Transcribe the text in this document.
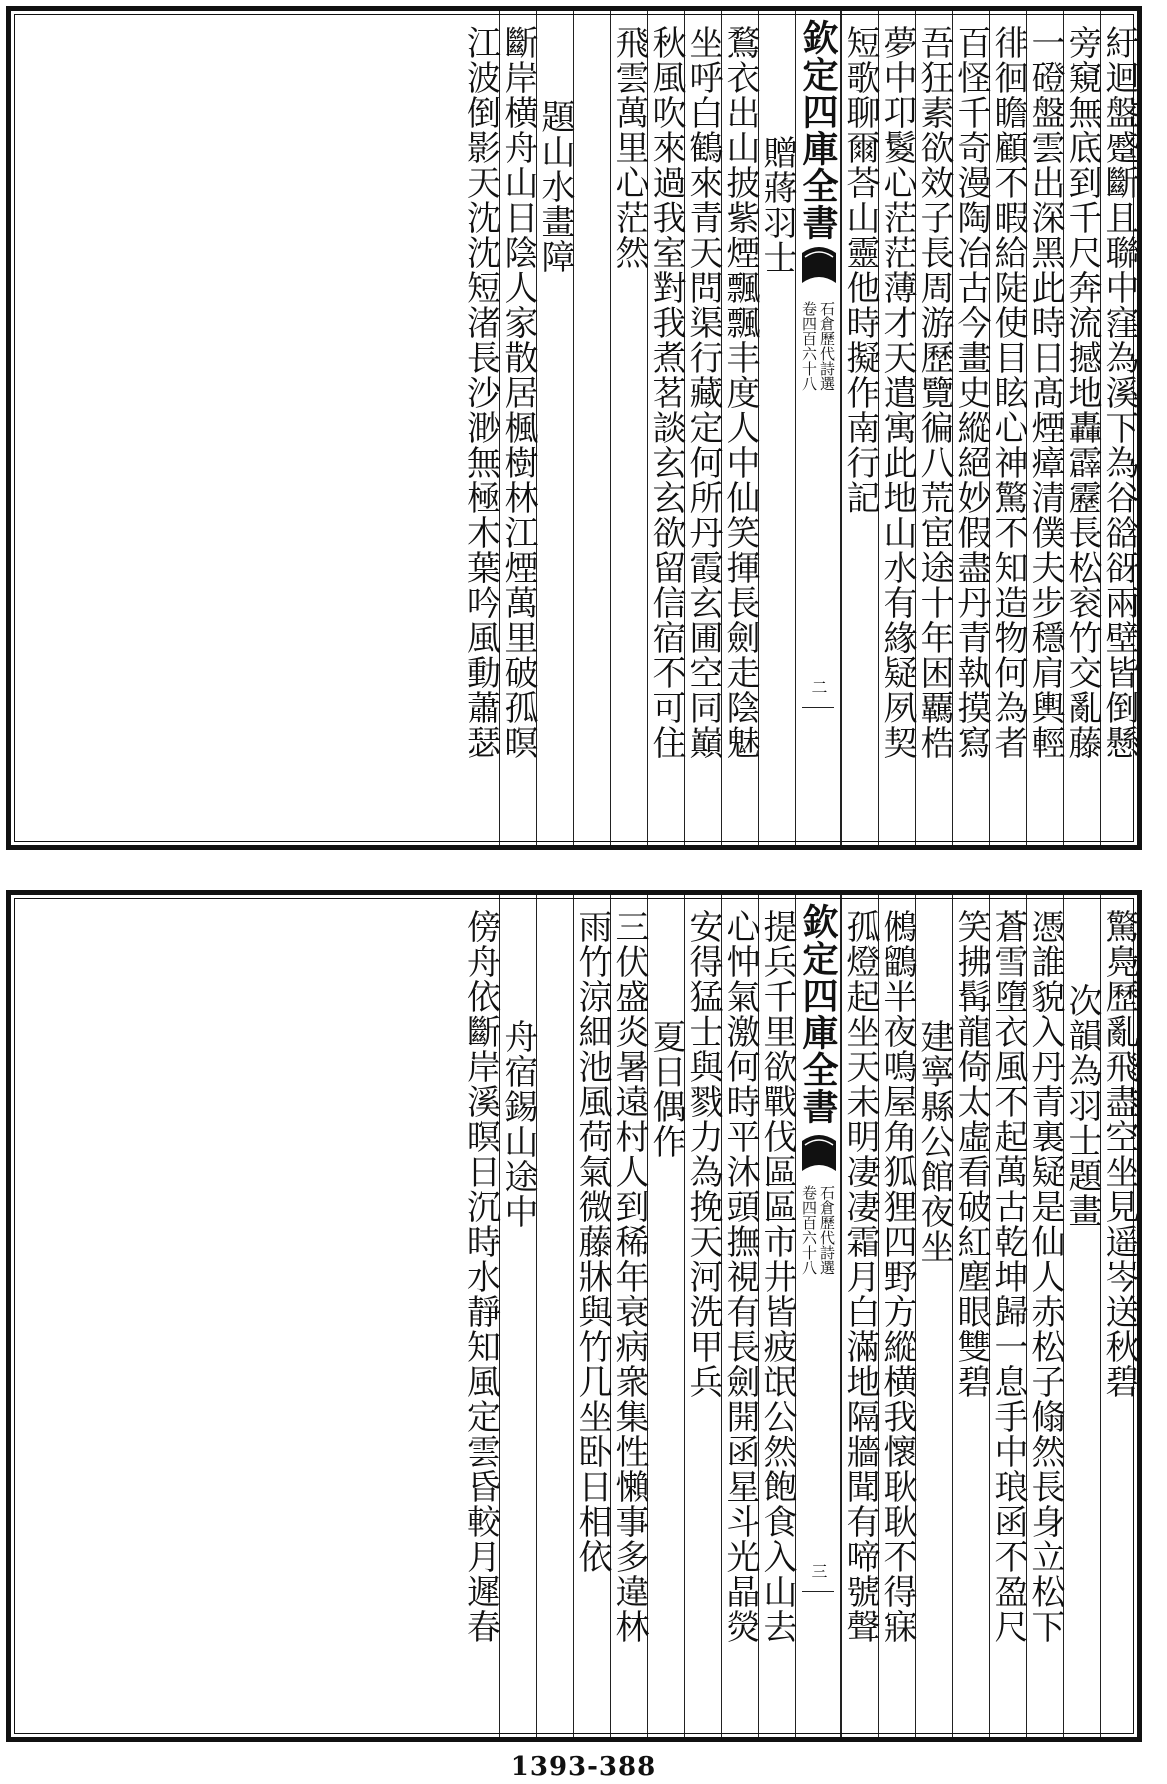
紆迴盤蹙斷且聯中窪為溪下為谷谽谺兩壁皆倒懸
旁窺無底到千尺奔流撼地轟霹靂長松衮竹交亂藤
一磴盤雲出深黑此時日髙煙瘴清僕夫步穩肩輿輕
徘徊瞻顧不暇給陡使目眩心神驚不知造物何為者
百怪千奇漫陶冶古今畫史縱絕妙假盡丹青執摸寫
吾狂素欲效子長周游歷覽徧八荒宦途十年困覊梏
夢中卭鬉心茫茫薄才天遣寓此地山水有緣疑夙契
短歌聊爾荅山靈他時擬作南行記
欽定四庫全書
石倉歷代詩選
卷四百六十八
二
贈蔣羽士
鶩衣出山披紫煙飄飄丰度人中仙笑揮長劍走陰魅
坐呼白鶴來青天問渠行藏定何所丹霞玄圃空同巔
秋風吹來過我室對我煮茗談玄玄欲留信宿不可住
飛雲萬里心茫然
題山水畫障
斷岸横舟山日陰人家散居楓樹林江煙萬里破孤暝
江波倒影天沈沈短渚長沙渺無極木葉吟風動蕭瑟
驚鳧歷亂飛盡空坐見遥岑送秋碧
次韻為羽士題畫
憑誰貌入丹青裏疑是仙人赤松子翛然長身立松下
蒼雪墮衣風不起萬古乾坤歸一息手中琅函不盈尺
笑拂髯龍倚太虛看破紅塵眼雙碧
建寧縣公館夜坐
鵂鶹半夜鳴屋角狐狸四野方縱横我懷耿耿不得寐
孤燈起坐天未明凄凄霜月白滿地隔牆聞有啼號聲
欽定四庫全書
石倉歷代詩選
卷四百六十八
三
提兵千里欲戰伐區區市井皆疲氓公然飽食入山去
心忡氣激何時平沐頭撫視有長劍開函星斗光晶熒
安得猛士與戮力為挽天河洗甲兵
夏日偶作
三伏盛炎暑遠村人到稀年衰病衆集性懶事多違林
雨竹涼細池風荷氣微藤牀與竹几坐卧日相依
舟宿錫山途中
傍舟依斷岸溪暝日沉時水靜知風定雲昏較月遲春
1393-388
